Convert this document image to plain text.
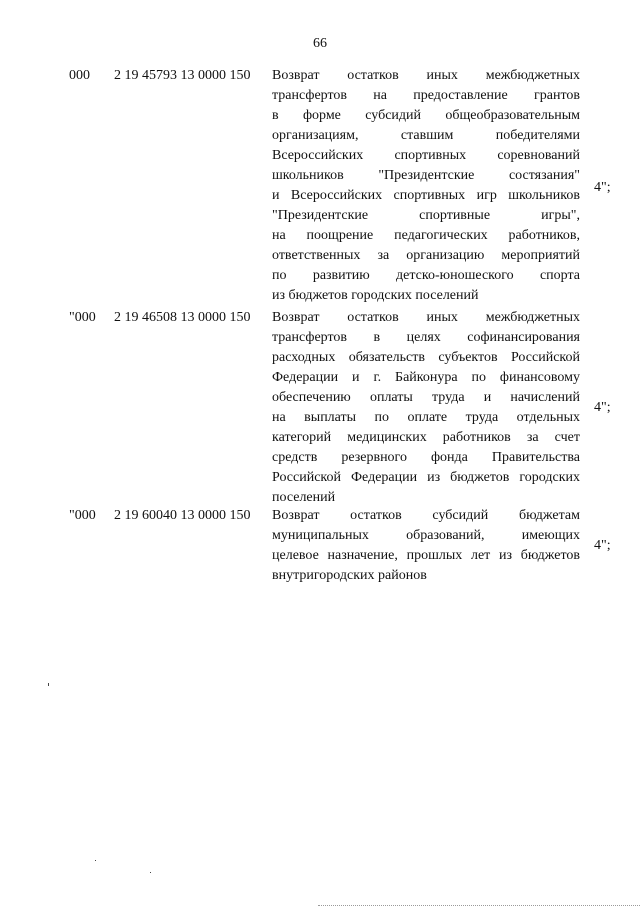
66
000 2 19 45793 13 0000 150 Возврат остатков иных межбюджетных
трансфертов на предоставление грантов
в форме субсидий общеобразовательным
организациям, ставшим победителями
Всероссийских спортивных соревнований
школьников "Президентские состязания"
и Всероссийских спортивных игр школьников
"Президентские спортивные игры",
на поощрение педагогических работников,
ответственных за организацию мероприятий
по развитию детско-юношеского спорта
из бюджетов городских поселений
4";
"000 2 19 46508 13 0000 150 Возврат остатков иных межбюджетных
трансфертов в целях софинансирования
расходных обязательств субъектов Российской
Федерации и г. Байконура по финансовому
обеспечению оплаты труда и начислений
на выплаты по оплате труда отдельных
категорий медицинских работников за счет
средств резервного фонда Правительства
Российской Федерации из бюджетов городских
поселений
4";
"000 2 19 60040 13 0000 150 Возврат остатков субсидий бюджетам
муниципальных образований, имеющих
целевое назначение, прошлых лет из бюджетов
внутригородских районов
4";
